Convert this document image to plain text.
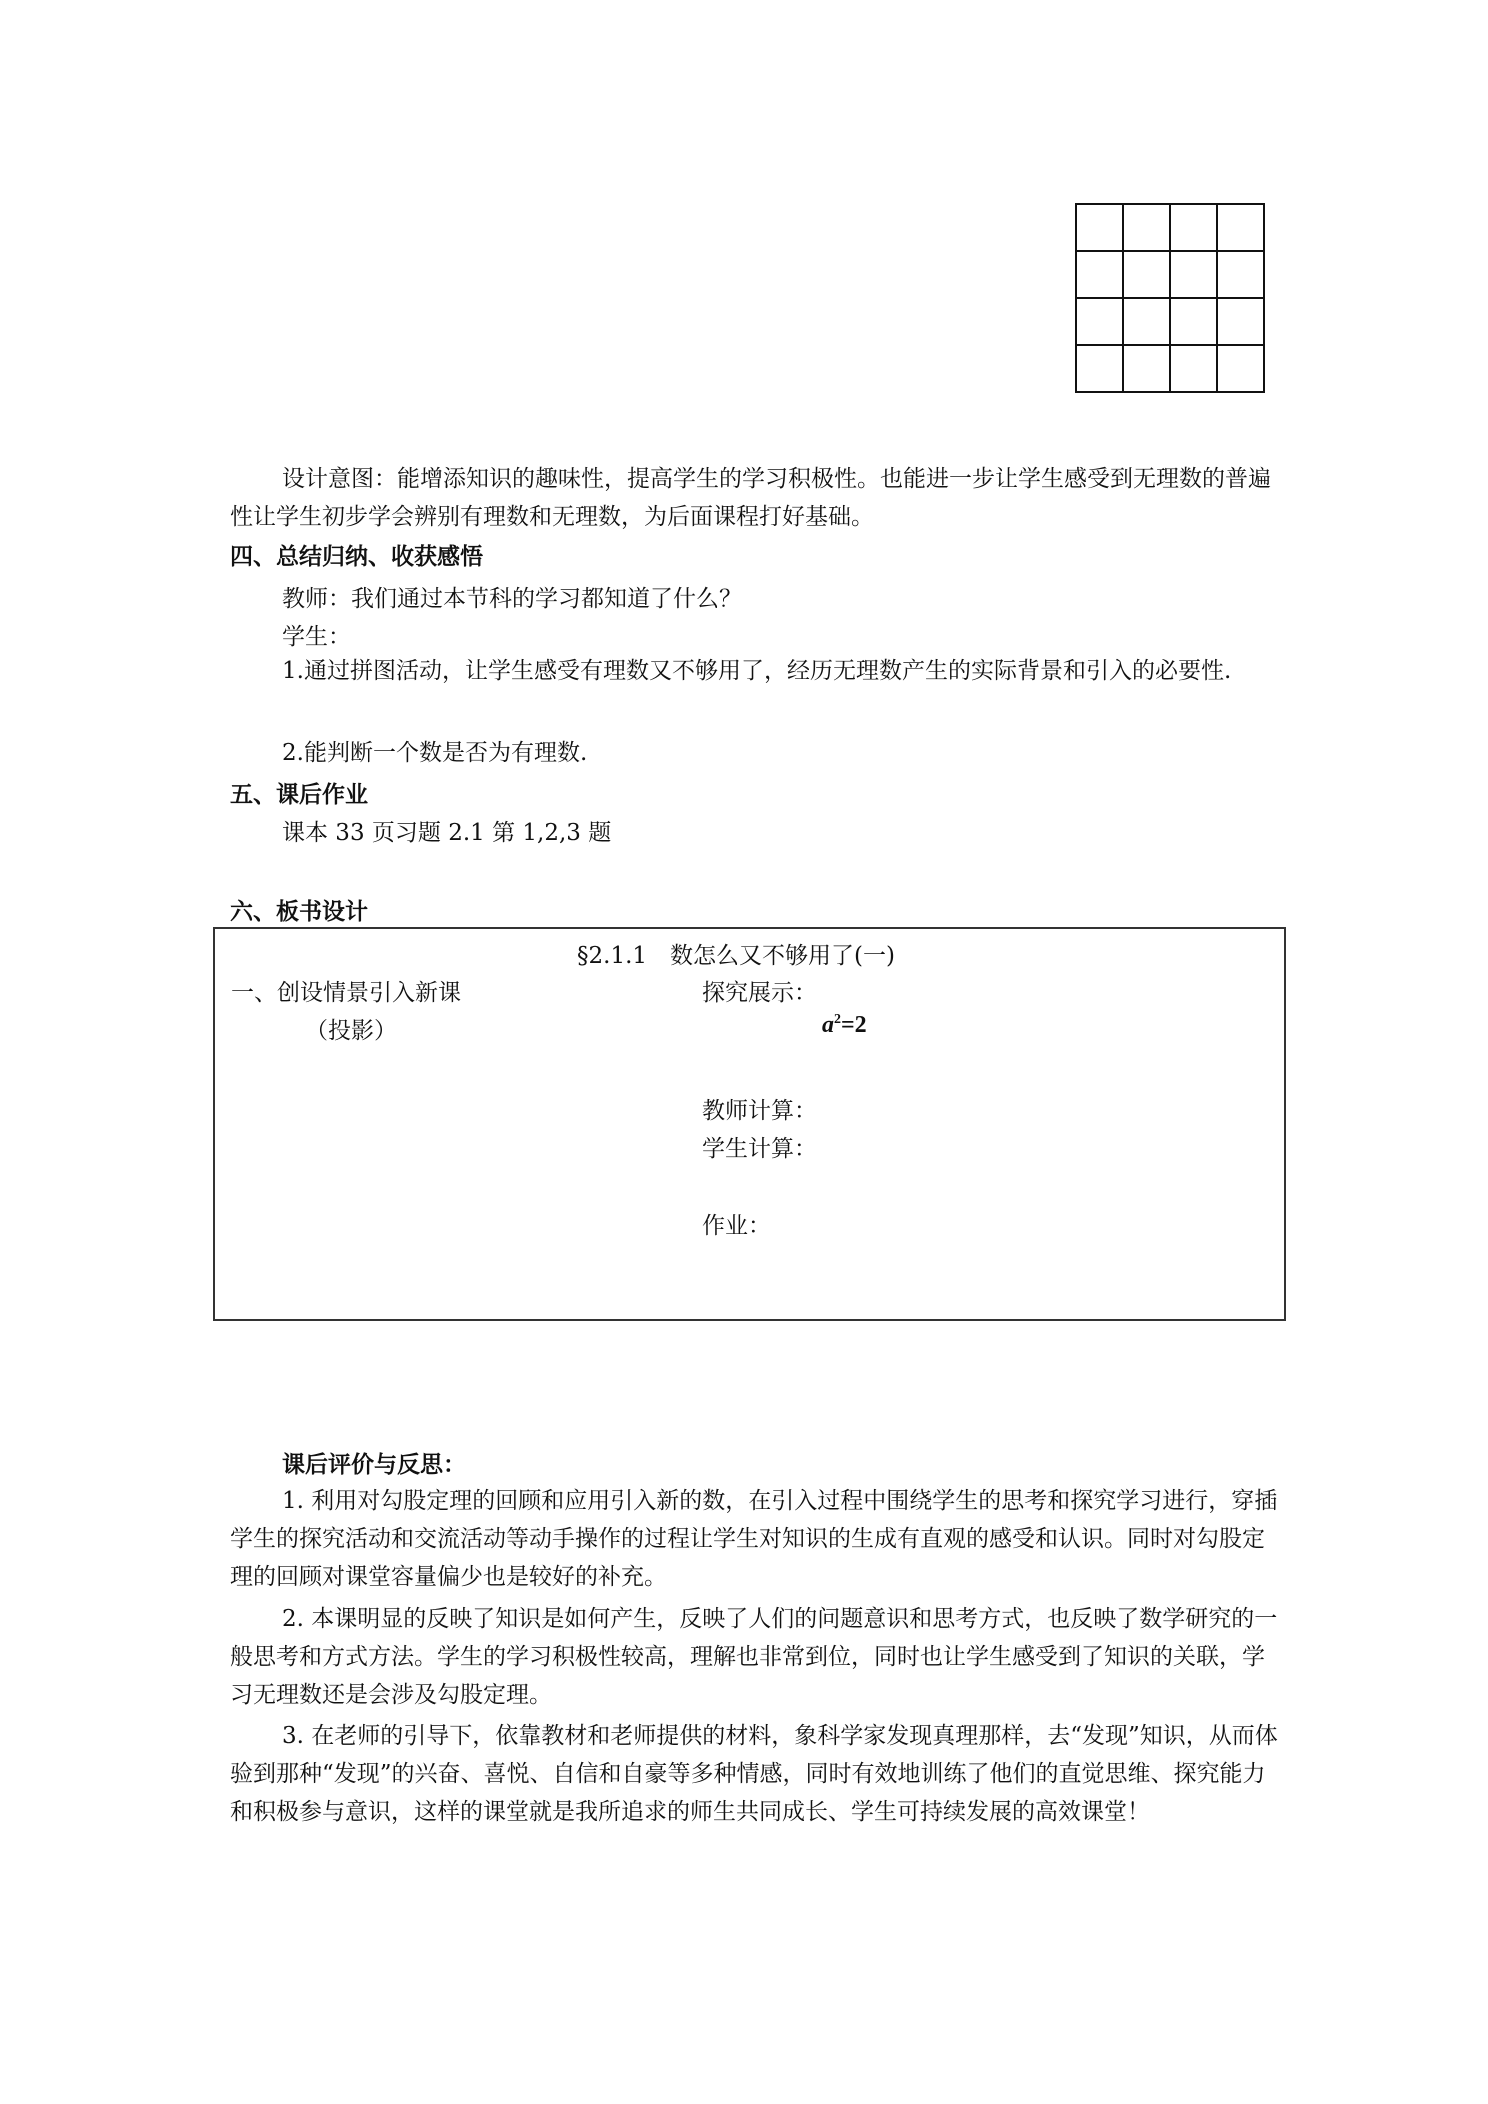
设计意图：能增添知识的趣味性，提高学生的学习积极性。也能进一步让学生感受到无理数的普遍性让学生初步学会辨别有理数和无理数，为后面课程打好基础。
四、总结归纳、收获感悟
教师：我们通过本节科的学习都知道了什么？
学生：
1.通过拼图活动，让学生感受有理数又不够用了，经历无理数产生的实际背景和引入的必要性.
2.能判断一个数是否为有理数.
五、课后作业
课本 33 页习题 2.1 第 1,2,3 题
六、板书设计
§2.1.1　数怎么又不够用了(一)
一、创设情景引入新课
（投影）
探究展示：
$a^2=2$
教师计算：
学生计算：
作业：
课后评价与反思：
1. 利用对勾股定理的回顾和应用引入新的数，在引入过程中围绕学生的思考和探究学习进行，穿插学生的探究活动和交流活动等动手操作的过程让学生对知识的生成有直观的感受和认识。同时对勾股定理的回顾对课堂容量偏少也是较好的补充。
2. 本课明显的反映了知识是如何产生，反映了人们的问题意识和思考方式，也反映了数学研究的一般思考和方式方法。学生的学习积极性较高，理解也非常到位，同时也让学生感受到了知识的关联，学习无理数还是会涉及勾股定理。
3. 在老师的引导下，依靠教材和老师提供的材料，象科学家发现真理那样，去“发现”知识，从而体验到那种“发现”的兴奋、喜悦、自信和自豪等多种情感，同时有效地训练了他们的直觉思维、探究能力和积极参与意识，这样的课堂就是我所追求的师生共同成长、学生可持续发展的高效课堂！
